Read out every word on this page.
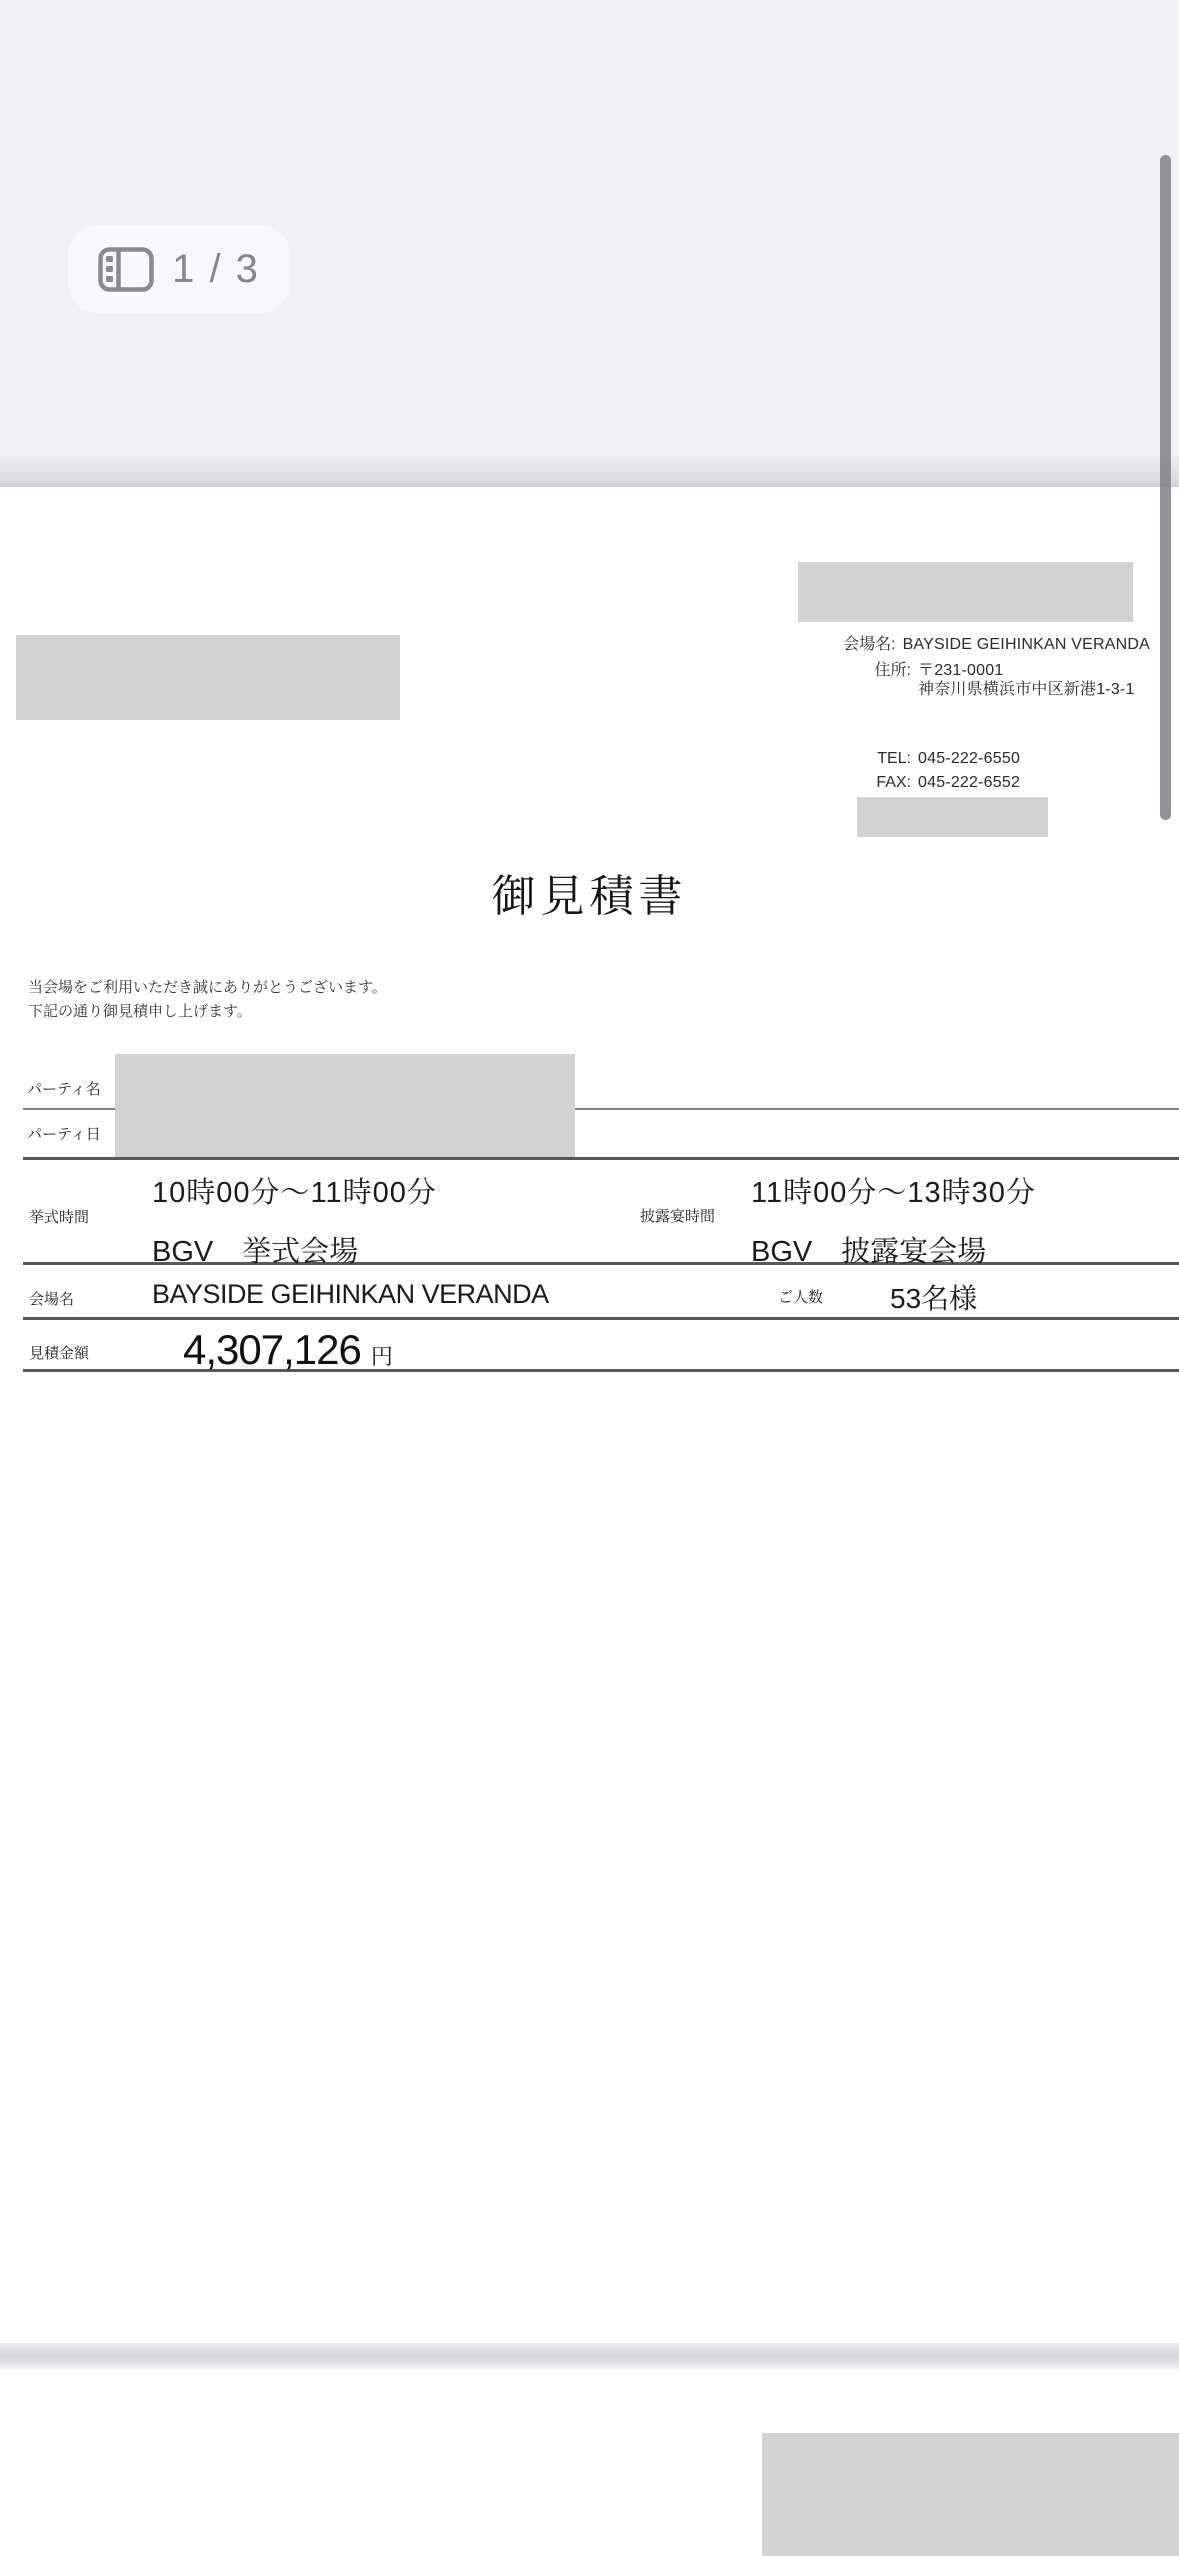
会場名: BAYSIDE GEIHINKAN VERANDA
住所: 〒231-0001
神奈川県横浜市中区新港1-3-1
TEL: 045-222-6550
FAX: 045-222-6552
御見積書
当会場をご利用いただき誠にありがとうございます。
下記の通り御見積申し上げます。
パーティ名
パーティ日
挙式時間
10時00分〜11時00分
BGV　挙式会場
披露宴時間
11時00分〜13時30分
BGV　披露宴会場
会場名	BAYSIDE GEIHINKAN VERANDA	ご人数 53名様
見積金額 4,307,126 円
1 / 3
